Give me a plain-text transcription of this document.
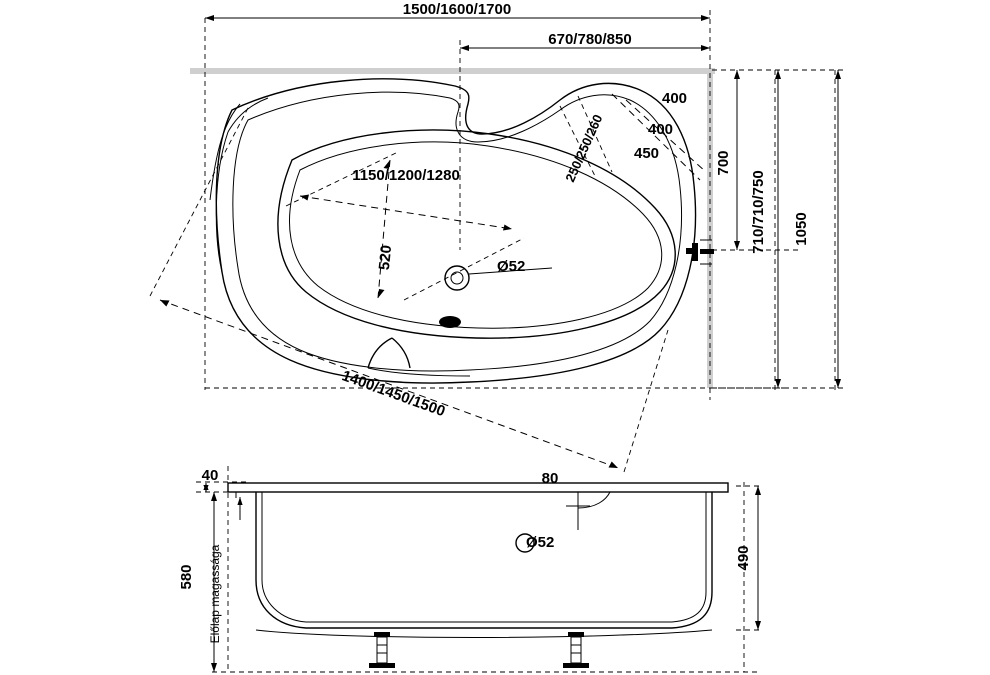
1500/1600/1700
670/780/850
1050
710/710/750
700
Ø52
1150/1200/1280
520
1400/1450/1500
250/250/260
400
400
450
Ø52
40	80
490
580 Előlap magassága
